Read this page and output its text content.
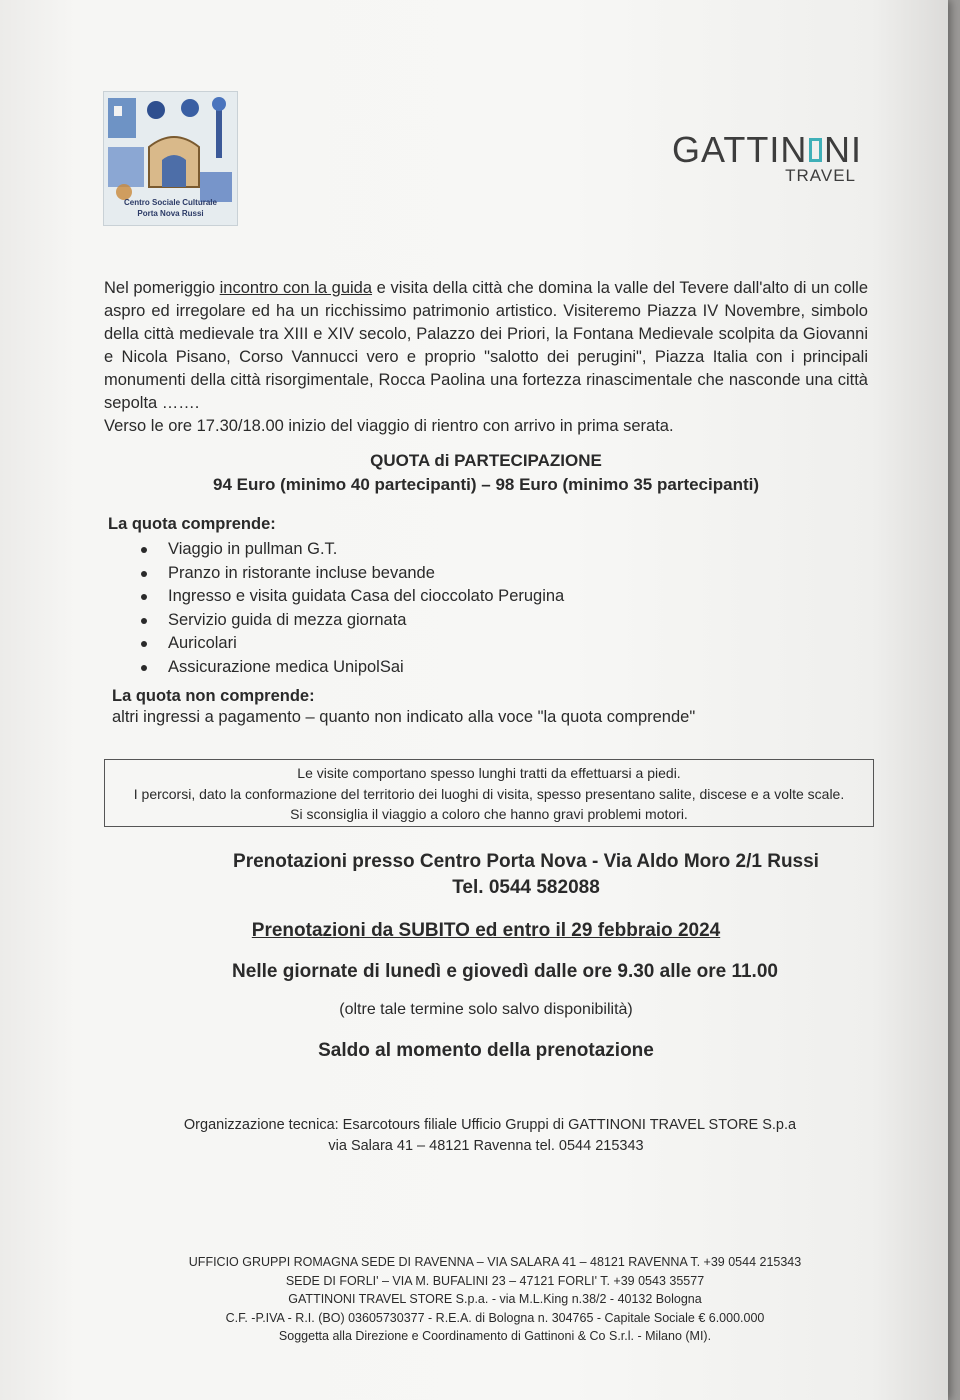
Centro Sociale Culturale
Porta Nova Russi
GATTIN NI
TRAVEL

Nel pomeriggio incontro con la guida e visita della città che domina la valle del Tevere dall'alto di un colle aspro ed irregolare ed ha un ricchissimo patrimonio artistico. Visiteremo Piazza IV Novembre, simbolo della città medievale tra XIII e XIV secolo, Palazzo dei Priori, la Fontana Medievale scolpita da Giovanni e Nicola Pisano, Corso Vannucci vero e proprio "salotto dei perugini", Piazza Italia con i principali monumenti della città risorgimentale, Rocca Paolina una fortezza rinascimentale che nasconde una città sepolta …….

Verso le ore 17.30/18.00 inizio del viaggio di rientro con arrivo in prima serata.

QUOTA di PARTECIPAZIONE
94 Euro (minimo 40 partecipanti) – 98 Euro (minimo 35 partecipanti)
La quota comprende:
Viaggio in pullman G.T.
Pranzo in ristorante incluse bevande
Ingresso e visita guidata Casa del cioccolato Perugina
Servizio guida di mezza giornata
Auricolari
Assicurazione medica UnipolSai
La quota non comprende:
altri ingressi a pagamento – quanto non indicato alla voce "la quota comprende"
Le visite comportano spesso lunghi tratti da effettuarsi a piedi.
I percorsi, dato la conformazione del territorio dei luoghi di visita, spesso presentano salite, discese e a volte scale.
Si sconsiglia il viaggio a coloro che hanno gravi problemi motori.
Prenotazioni presso Centro Porta Nova - Via Aldo Moro 2/1 Russi
Tel. 0544 582088
Prenotazioni da SUBITO ed entro il 29 febbraio 2024
Nelle giornate di lunedì e giovedì dalle ore 9.30 alle ore 11.00
(oltre tale termine solo salvo disponibilità)
Saldo al momento della prenotazione
Organizzazione tecnica: Esarcotours filiale Ufficio Gruppi di GATTINONI TRAVEL STORE S.p.a
via Salara 41 – 48121 Ravenna tel. 0544 215343
UFFICIO GRUPPI ROMAGNA SEDE DI RAVENNA – VIA SALARA 41 – 48121 RAVENNA T. +39 0544 215343
SEDE DI FORLI' – VIA M. BUFALINI 23 – 47121 FORLI' T. +39 0543 35577
GATTINONI TRAVEL STORE S.p.a. - via M.L.King n.38/2 - 40132 Bologna
C.F. -P.IVA - R.I. (BO) 03605730377 - R.E.A. di Bologna n. 304765 - Capitale Sociale € 6.000.000
Soggetta alla Direzione e Coordinamento di Gattinoni & Co S.r.l. - Milano (MI).
